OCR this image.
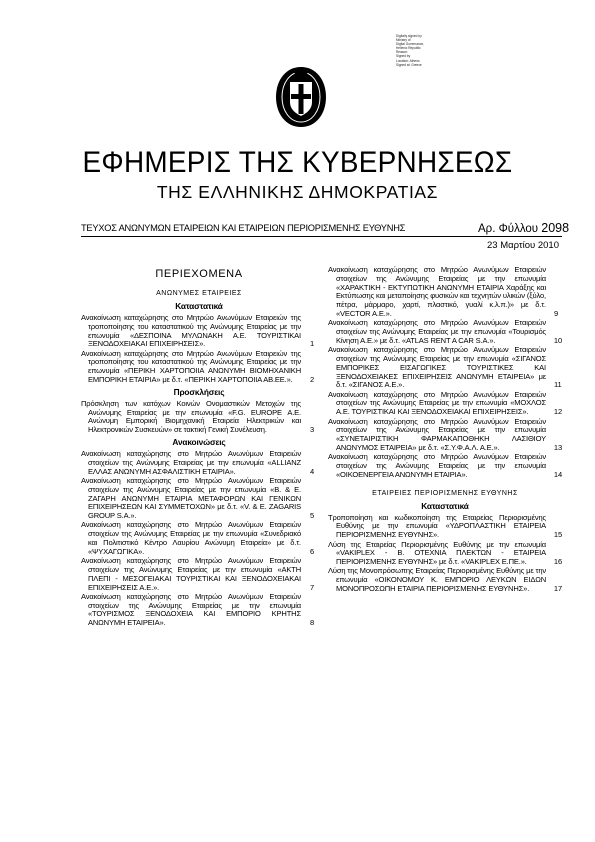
Digitally signed by
Ministry of
Digital Governance,
Hellenic Republic
Reason:
Signed by
Location: Athens
Signed at: Greece
ΕΦΗΜΕΡΙΣ ΤΗΣ ΚΥΒΕΡΝΗΣΕΩΣ
ΤΗΣ ΕΛΛΗΝΙΚΗΣ ΔΗΜΟΚΡΑΤΙΑΣ
ΤΕΥΧΟΣ ΑΝΩΝΥΜΩΝ ΕΤΑΙΡΕΙΩΝ ΚΑΙ ΕΤΑΙΡΕΙΩΝ ΠΕΡΙΟΡΙΣΜΕΝΗΣ ΕΥΘΥΝΗΣ	Αρ. Φύλλου 2098
23 Μαρτίου 2010
ΠΕΡΙΕΧΟΜΕΝΑ
ΑΝΩΝΥΜΕΣ ΕΤΑΙΡΕΙΕΣ
Καταστατικά
Ανακοίνωση καταχώρησης στο Μητρώο Ανωνύμων Εταιρειών της τροποποίησης του καταστατικού της Ανώνυμης Εταιρείας με την επωνυμία «ΔΕΣΠΟΙΝΑ ΜΥΛΩΝΑΚΗ Α.Ε. ΤΟΥΡΙΣΤΙΚΑΙ ΞΕΝΟΔΟΧΕΙΑΚΑΙ ΕΠΙΧΕΙΡΗΣΕΙΣ».	1
Ανακοίνωση καταχώρησης στο Μητρώο Ανωνύμων Εταιρειών της τροποποίησης του καταστατικού της Ανώνυμης Εταιρείας με την επωνυμία «ΠΕΡΙΚΗ ΧΑΡΤΟΠΟΙΙΑ ΑΝΩΝΥΜΗ ΒΙΟΜΗΧΑΝΙΚΗ ΕΜΠΟΡΙΚΗ ΕΤΑΙΡΙΑ» με δ.τ. «ΠΕΡΙΚΗ ΧΑΡΤΟΠΟΙΙΑ ΑΒ.ΕΕ.». 2
Προσκλήσεις
Πρόσκληση των κατόχων Κοινών Ονομαστικών Μετοχών της Ανώνυμης Εταιρείας με την επωνυμία «F.G. EUROPE Α.Ε. Ανώνυμη Εμπορική Βιομηχανική Εταιρεία Ηλεκτρικών και Ηλεκτρονικών Συσκευών» σε τακτική Γενική Συνέλευση.	3
Ανακοινώσεις
Ανακοίνωση καταχώρησης στο Μητρώο Ανωνύμων Εταιρειών στοιχείων της Ανώνυμης Εταιρείας με την επωνυμία «ALLIANZ ΕΛΛΑΣ ΑΝΩΝΥΜΗ ΑΣΦΑΛΙΣΤΙΚΗ ΕΤΑΙΡΙΑ».	4
Ανακοίνωση καταχώρησης στο Μητρώο Ανωνύμων Εταιρειών στοιχείων της Ανώνυμης Εταιρείας με την επωνυμία «Β. & Ε. ΖΑΓΑΡΗ ΑΝΩΝΥΜΗ ΕΤΑΙΡΙΑ ΜΕΤΑΦΟΡΩΝ ΚΑΙ ΓΕΝΙΚΩΝ ΕΠΙΧΕΙΡΗΣΕΩΝ ΚΑΙ ΣΥΜΜΕΤΟΧΩΝ» με δ.τ. «V. & E. ZAGARIS GROUP S.A.».	5
Ανακοίνωση καταχώρησης στο Μητρώο Ανωνύμων Εταιρειών στοιχείων της Ανώνυμης Εταιρείας με την επωνυμία «Συνεδριακό και Πολιτιστικό Κέντρο Λαυρίου Ανώνυμη Εταιρεία» με δ.τ. «ΨΥΧΑΓΩΓΙΚΑ».	6
Ανακοίνωση καταχώρησης στο Μητρώο Ανωνύμων Εταιρειών στοιχείων της Ανώνυμης Εταιρείας με την επωνυμία «ΑΚΤΗ ΠΛΕΠΙ - ΜΕΣΟΓΕΙΑΚΑΙ ΤΟΥΡΙΣΤΙΚΑΙ ΚΑΙ ΞΕΝΟΔΟΧΕΙΑΚΑΙ ΕΠΙΧΕΙΡΗΣΕΙΣ Α.Ε.».	7
Ανακοίνωση καταχώρησης στο Μητρώο Ανωνύμων Εταιρειών στοιχείων της Ανώνυμης Εταιρείας με την επωνυμία «ΤΟΥΡΙΣΜΟΣ ΞΕΝΟΔΟΧΕΙΑ ΚΑΙ ΕΜΠΟΡΙΟ ΚΡΗΤΗΣ ΑΝΩΝΥΜΗ ΕΤΑΙΡΕΙΑ».	8
Ανακοίνωση καταχώρησης στο Μητρώο Ανωνύμων Εταιρειών στοιχείων της Ανώνυμης Εταιρείας με την επωνυμία «ΧΑΡΑΚΤΙΚΗ - ΕΚΤΥΠΩΤΙΚΗ ΑΝΩΝΥΜΗ ΕΤΑΙΡΙΑ Χαράξης και Εκτύπωσης και μεταποίησης φυσικών και τεχνητών υλικών (ξύλο, πέτρα, μάρμαρο, χαρτί, πλαστικό, γυαλί κ.λ.π.)» με δ.τ. «VECTOR A.E.».	9
Ανακοίνωση καταχώρησης στο Μητρώο Ανωνύμων Εταιρειών στοιχείων της Ανώνυμης Εταιρείας με την επωνυμία «Τουρισμός Κίνηση Α.Ε.» με δ.τ. «ATLAS RENT A CAR S.A.».	10
Ανακοίνωση καταχώρησης στο Μητρώο Ανωνύμων Εταιρειών στοιχείων της Ανώνυμης Εταιρείας με την επωνυμία «ΣΙΓΑΝΟΣ ΕΜΠΟΡΙΚΕΣ ΕΙΣΑΓΩΓΙΚΕΣ ΤΟΥΡΙΣΤΙΚΕΣ ΚΑΙ ΞΕΝΟΔΟΧΕΙΑΚΕΣ ΕΠΙΧΕΙΡΗΣΕΙΣ ΑΝΩΝΥΜΗ ΕΤΑΙΡΕΙΑ» με δ.τ. «ΣΙΓΑΝΟΣ Α.Ε.».	11
Ανακοίνωση καταχώρησης στο Μητρώο Ανωνύμων Εταιρειών στοιχείων της Ανώνυμης Εταιρείας με την επωνυμία «ΜΟΧΛΟΣ Α.Ε. ΤΟΥΡΙΣΤΙΚΑΙ ΚΑΙ ΞΕΝΟΔΟΧΕΙΑΚΑΙ ΕΠΙΧΕΙΡΗΣΕΙΣ».	12
Ανακοίνωση καταχώρησης στο Μητρώο Ανωνύμων Εταιρειών στοιχείων της Ανώνυμης Εταιρείας με την επωνυμία «ΣΥΝΕΤΑΙΡΙΣΤΙΚΗ ΦΑΡΜΑΚΑΠΟΘΗΚΗ ΛΑΣΙΘΙΟΥ ΑΝΩΝΥΜΟΣ ΕΤΑΙΡΕΙΑ» με δ.τ. «Σ.Υ.Φ.Α.Λ. Α.Ε.».	13
Ανακοίνωση καταχώρησης στο Μητρώο Ανωνύμων Εταιρειών στοιχείων της Ανώνυμης Εταιρείας με την επωνυμία «ΟΙΚΟΕΝΕΡΓΕΙΑ ΑΝΩΝΥΜΗ ΕΤΑΙΡΙΑ».	14
ΕΤΑΙΡΕΙΕΣ ΠΕΡΙΟΡΙΣΜΕΝΗΣ ΕΥΘΥΝΗΣ
Καταστατικά
Τροποποίηση και κωδικοποίηση της Εταιρείας Περιορισμένης Ευθύνης με την επωνυμία «ΥΔΡΟΠΛΑΣΤΙΚΗ ΕΤΑΙΡΕΙΑ ΠΕΡΙΟΡΙΣΜΕΝΗΣ ΕΥΘΥΝΗΣ».	15
Λύση της Εταιρείας Περιορισμένης Ευθύνης με την επωνυμία «VAKIPLEX - Β. ΟΤΕΧΝΙΑ ΠΛΕΚΤΩΝ - ΕΤΑΙΡΕΙΑ ΠΕΡΙΟΡΙΣΜΕΝΗΣ ΕΥΘΥΝΗΣ» με δ.τ. «VAKIPLEX E.ΠΕ.».	16
Λύση της Μονοπρόσωπης Εταιρείας Περιορισμένης Ευθύνης με την επωνυμία «ΟΙΚΟΝΟΜΟΥ Κ. ΕΜΠΟΡΙΟ ΛΕΥΚΩΝ ΕΙΔΩΝ ΜΟΝΟΠΡΟΣΩΠΗ ΕΤΑΙΡΙΑ ΠΕΡΙΟΡΙΣΜΕΝΗΣ ΕΥΘΥΝΗΣ».	17
